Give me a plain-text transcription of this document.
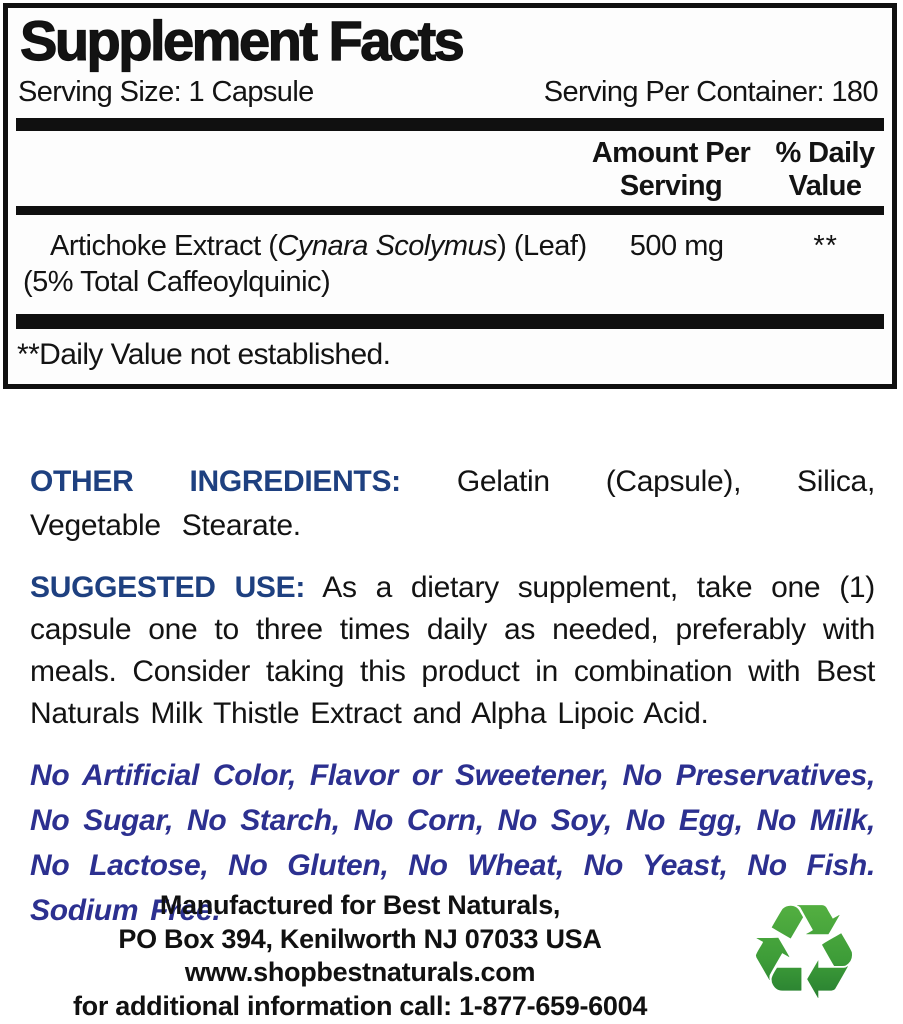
Supplement Facts
Serving Size: 1 Capsule	Serving Per Container: 180
Amount Per
Serving
% Daily
Value
Artichoke Extract (Cynara Scolymus) (Leaf)
(5% Total Caffeoylquinic)
500 mg	**
**Daily Value not established.

OTHER INGREDIENTS: Gelatin (Capsule), Silica, Vegetable Stearate.

SUGGESTED USE: As a dietary supplement, take one (1) capsule one to three times daily as needed, preferably with meals. Consider taking this product in combination with Best Naturals Milk Thistle Extract and Alpha Lipoic Acid.

No Artificial Color, Flavor or Sweetener, No Preservatives, No Sugar, No Starch, No Corn, No Soy, No Egg, No Milk, No Lactose, No Gluten, No Wheat, No Yeast, No Fish. Sodium Free.

Manufactured for Best Naturals,
PO Box 394, Kenilworth NJ 07033 USA
www.shopbestnaturals.com
for additional information call: 1-877-659-6004 ♻
